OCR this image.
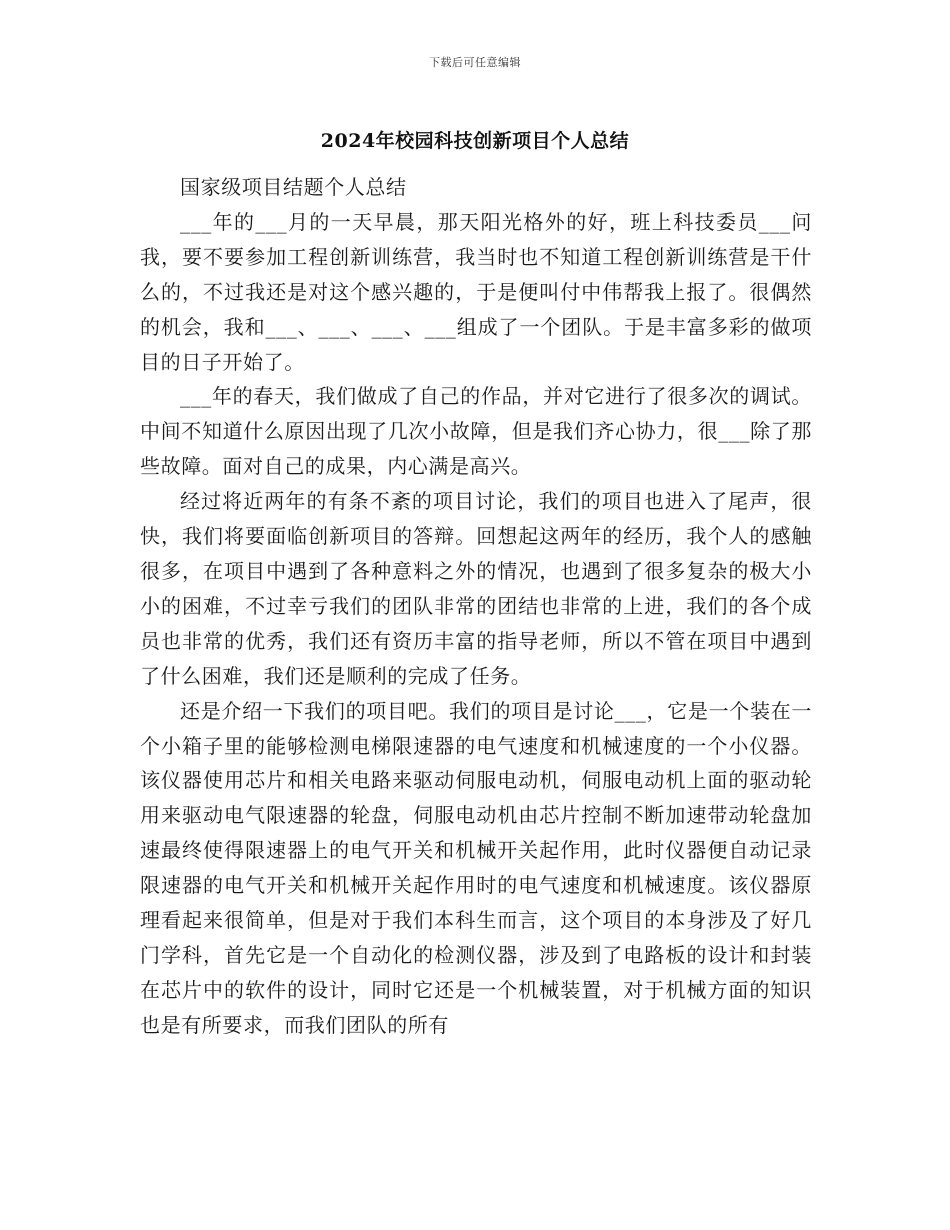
下载后可任意编辑
2024年校园科技创新项目个人总结

国家级项目结题个人总结

___年的___月的一天早晨，那天阳光格外的好，班上科技委员___问我，要不要参加工程创新训练营，我当时也不知道工程创新训练营是干什么的，不过我还是对这个感兴趣的，于是便叫付中伟帮我上报了。很偶然的机会，我和___、___、___、___组成了一个团队。于是丰富多彩的做项目的日子开始了。

___年的春天，我们做成了自己的作品，并对它进行了很多次的调试。中间不知道什么原因出现了几次小故障，但是我们齐心协力，很___除了那些故障。面对自己的成果，内心满是高兴。

经过将近两年的有条不紊的项目讨论，我们的项目也进入了尾声，很快，我们将要面临创新项目的答辩。回想起这两年的经历，我个人的感触很多，在项目中遇到了各种意料之外的情况，也遇到了很多复杂的极大小小的困难，不过幸亏我们的团队非常的团结也非常的上进，我们的各个成员也非常的优秀，我们还有资历丰富的指导老师，所以不管在项目中遇到了什么困难，我们还是顺利的完成了任务。

还是介绍一下我们的项目吧。我们的项目是讨论___，它是一个装在一个小箱子里的能够检测电梯限速器的电气速度和机械速度的一个小仪器。该仪器使用芯片和相关电路来驱动伺服电动机，伺服电动机上面的驱动轮用来驱动电气限速器的轮盘，伺服电动机由芯片控制不断加速带动轮盘加速最终使得限速器上的电气开关和机械开关起作用，此时仪器便自动记录限速器的电气开关和机械开关起作用时的电气速度和机械速度。该仪器原理看起来很简单，但是对于我们本科生而言，这个项目的本身涉及了好几门学科，首先它是一个自动化的检测仪器，涉及到了电路板的设计和封装在芯片中的软件的设计，同时它还是一个机械装置，对于机械方面的知识也是有所要求，而我们团队的所有
